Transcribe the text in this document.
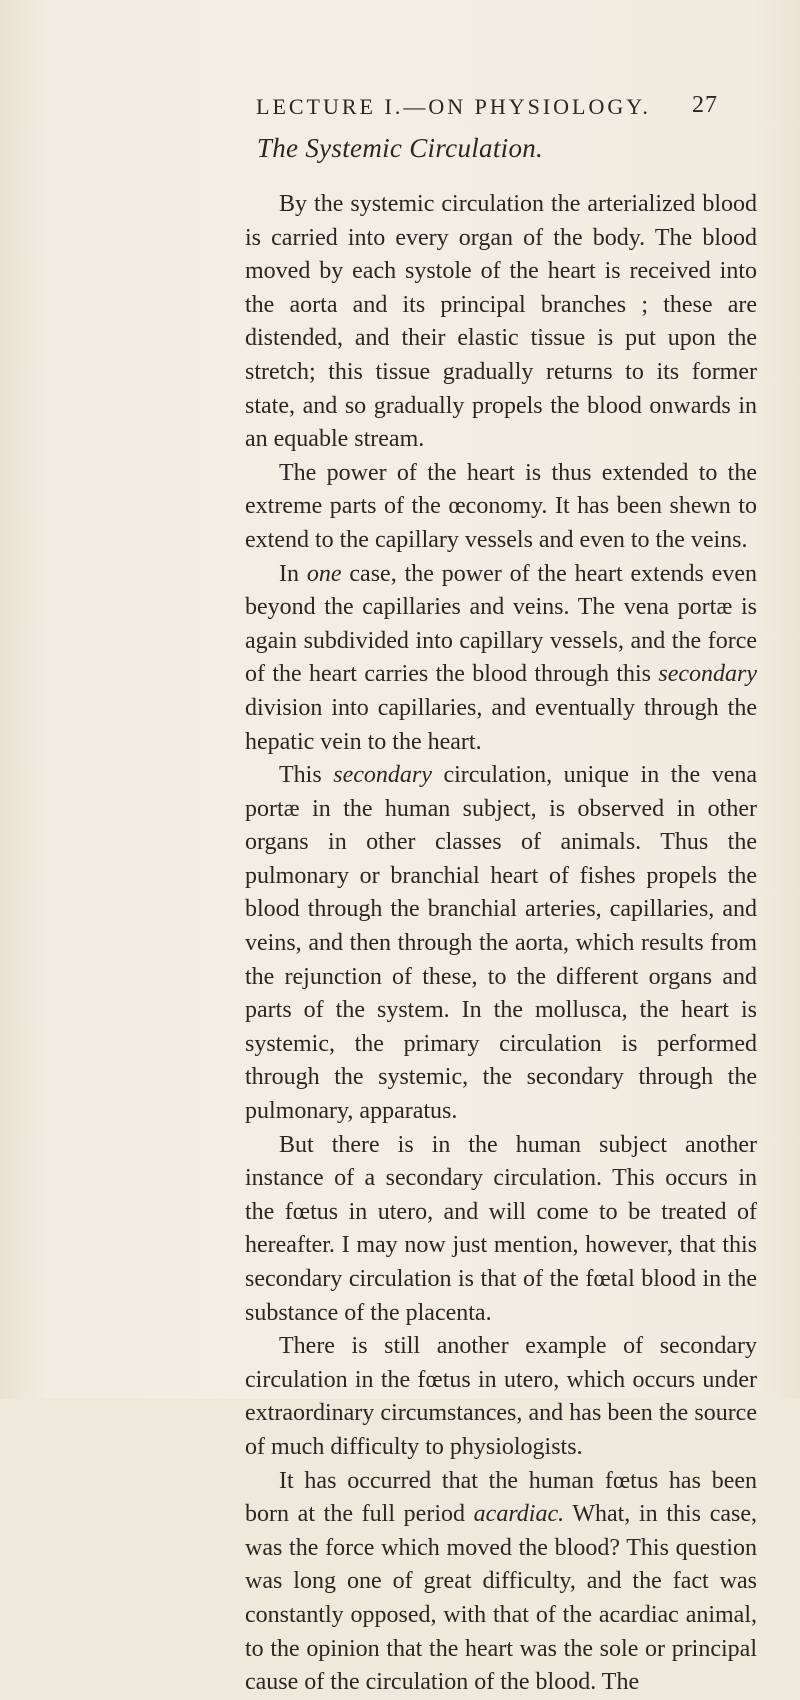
LECTURE I.—ON PHYSIOLOGY. 27
The Systemic Circulation.

By the systemic circulation the arterialized blood is carried into every organ of the body. The blood moved by each systole of the heart is received into the aorta and its principal branches ; these are distended, and their elastic tissue is put upon the stretch; this tissue gradually returns to its former state, and so gradually propels the blood onwards in an equable stream.

The power of the heart is thus extended to the extreme parts of the œconomy. It has been shewn to extend to the capillary vessels and even to the veins.

In one case, the power of the heart extends even beyond the capillaries and veins. The vena portæ is again subdivided into capillary vessels, and the force of the heart carries the blood through this secondary division into capillaries, and eventually through the hepatic vein to the heart.

This secondary circulation, unique in the vena portæ in the human subject, is observed in other organs in other classes of animals. Thus the pulmonary or branchial heart of fishes propels the blood through the branchial arteries, capillaries, and veins, and then through the aorta, which results from the rejunction of these, to the different organs and parts of the system. In the mollusca, the heart is systemic, the primary circulation is performed through the systemic, the secondary through the pulmonary, apparatus.

But there is in the human subject another instance of a secondary circulation. This occurs in the fœtus in utero, and will come to be treated of hereafter. I may now just mention, however, that this secondary circulation is that of the fœtal blood in the substance of the placenta.

There is still another example of secondary circulation in the fœtus in utero, which occurs under extraordinary circumstances, and has been the source of much difficulty to physiologists.

It has occurred that the human fœtus has been born at the full period acardiac. What, in this case, was the force which moved the blood? This question was long one of great difficulty, and the fact was constantly opposed, with that of the acardiac animal, to the opinion that the heart was the sole or principal cause of the circulation of the blood. The
